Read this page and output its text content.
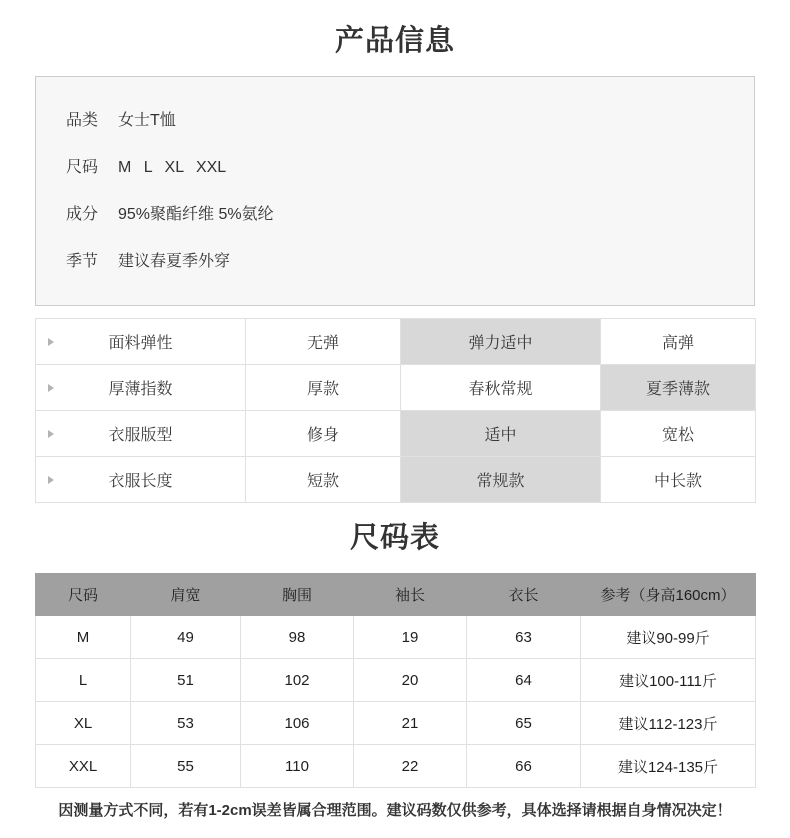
产品信息
品类	女士T恤
尺码	M L XL XXL
成分	95%聚酯纤维 5%氨纶
季节	建议春夏季外穿
面料弹性	无弹	弹力适中	高弹

厚薄指数	厚款	春秋常规	夏季薄款

衣服版型	修身	适中	宽松

衣服长度	短款	常规款	中长款
尺码表
尺码	肩宽	胸围	袖长	衣长	参考（身高160cm）
M	49	98	19	63	建议90-99斤
L	51	102	20	64	建议100-111斤
XL	53	106	21	65	建议112-123斤
XXL	55	110	22	66	建议124-135斤
因测量方式不同，若有1-2cm误差皆属合理范围。建议码数仅供参考，具体选择请根据自身情况决定！
